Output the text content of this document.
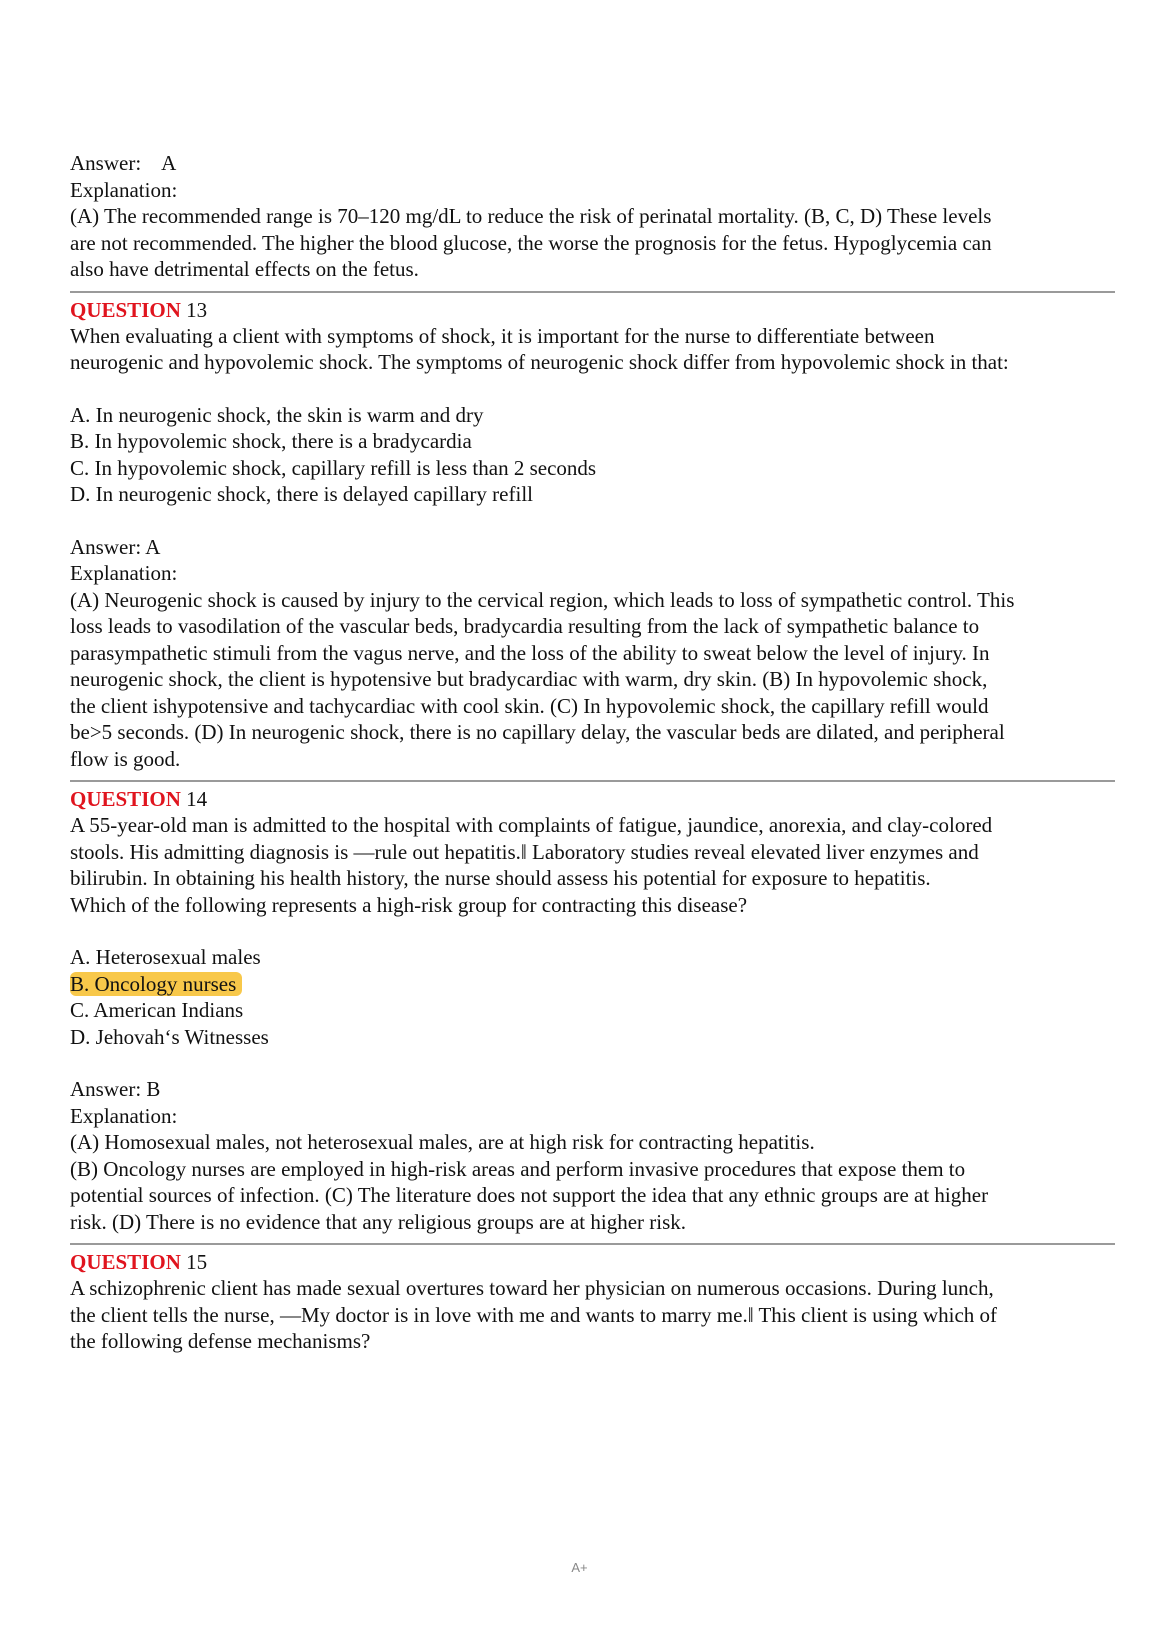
Answer: A
Explanation:
(A) The recommended range is 70–120 mg/dL to reduce the risk of perinatal mortality. (B, C, D) These levels
are not recommended. The higher the blood glucose, the worse the prognosis for the fetus. Hypoglycemia can
also have detrimental effects on the fetus.
QUESTION 13
When evaluating a client with symptoms of shock, it is important for the nurse to differentiate between
neurogenic and hypovolemic shock. The symptoms of neurogenic shock differ from hypovolemic shock in that:
A. In neurogenic shock, the skin is warm and dry
B. In hypovolemic shock, there is a bradycardia
C. In hypovolemic shock, capillary refill is less than 2 seconds
D. In neurogenic shock, there is delayed capillary refill
Answer: A
Explanation:
(A) Neurogenic shock is caused by injury to the cervical region, which leads to loss of sympathetic control. This
loss leads to vasodilation of the vascular beds, bradycardia resulting from the lack of sympathetic balance to
parasympathetic stimuli from the vagus nerve, and the loss of the ability to sweat below the level of injury. In
neurogenic shock, the client is hypotensive but bradycardiac with warm, dry skin. (B) In hypovolemic shock,
the client ishypotensive and tachycardiac with cool skin. (C) In hypovolemic shock, the capillary refill would
be>5 seconds. (D) In neurogenic shock, there is no capillary delay, the vascular beds are dilated, and peripheral
flow is good.
QUESTION 14
A 55-year-old man is admitted to the hospital with complaints of fatigue, jaundice, anorexia, and clay-colored
stools. His admitting diagnosis is ―rule out hepatitis.‖ Laboratory studies reveal elevated liver enzymes and
bilirubin. In obtaining his health history, the nurse should assess his potential for exposure to hepatitis.
Which of the following represents a high-risk group for contracting this disease?
A. Heterosexual males
B. Oncology nurses
C. American Indians
D. Jehovah‘s Witnesses
Answer: B
Explanation:
(A) Homosexual males, not heterosexual males, are at high risk for contracting hepatitis.
(B) Oncology nurses are employed in high-risk areas and perform invasive procedures that expose them to
potential sources of infection. (C) The literature does not support the idea that any ethnic groups are at higher
risk. (D) There is no evidence that any religious groups are at higher risk.
QUESTION 15
A schizophrenic client has made sexual overtures toward her physician on numerous occasions. During lunch,
the client tells the nurse, ―My doctor is in love with me and wants to marry me.‖ This client is using which of
the following defense mechanisms?
A+
